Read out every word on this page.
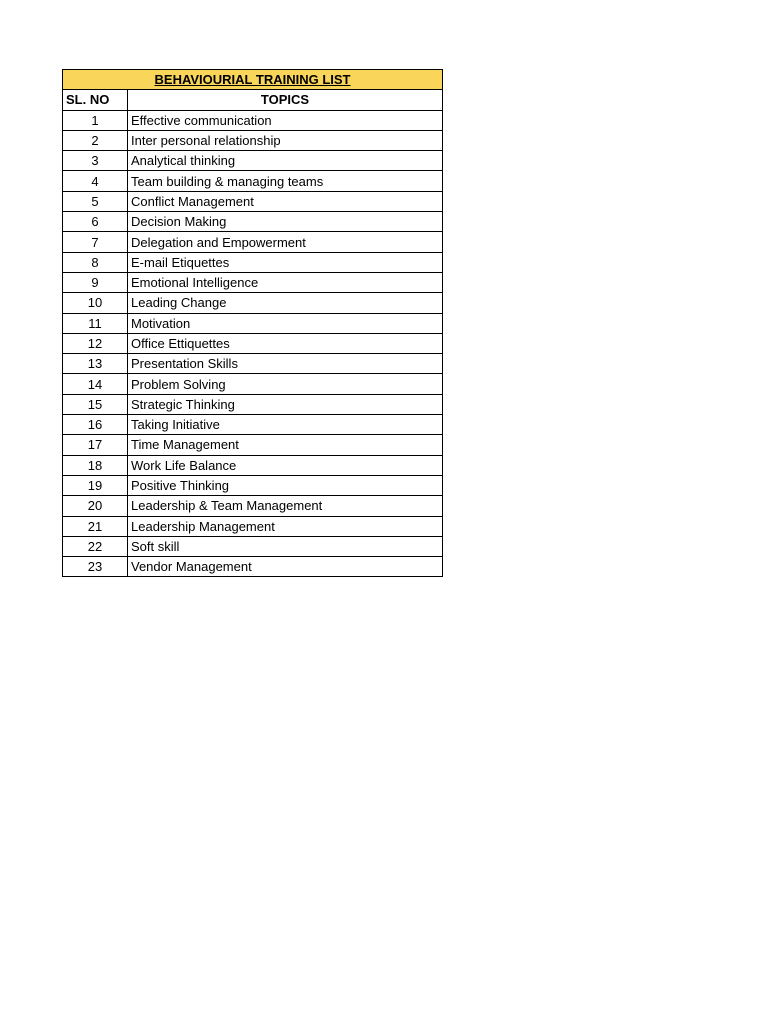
BEHAVIOURIAL TRAINING LIST	
SL. NO	TOPICS
1	Effective communication
2	Inter personal relationship
3	Analytical thinking
4	Team building & managing teams
5	Conflict Management
6	Decision Making
7	Delegation and Empowerment
8	E-mail Etiquettes
9	Emotional Intelligence
10	Leading Change
11	Motivation
12	Office Ettiquettes
13	Presentation Skills
14	Problem Solving
15	Strategic Thinking
16	Taking Initiative
17	Time Management
18	Work Life Balance
19	Positive Thinking
20	Leadership & Team Management
21	Leadership Management
22	Soft skill
23	Vendor Management
